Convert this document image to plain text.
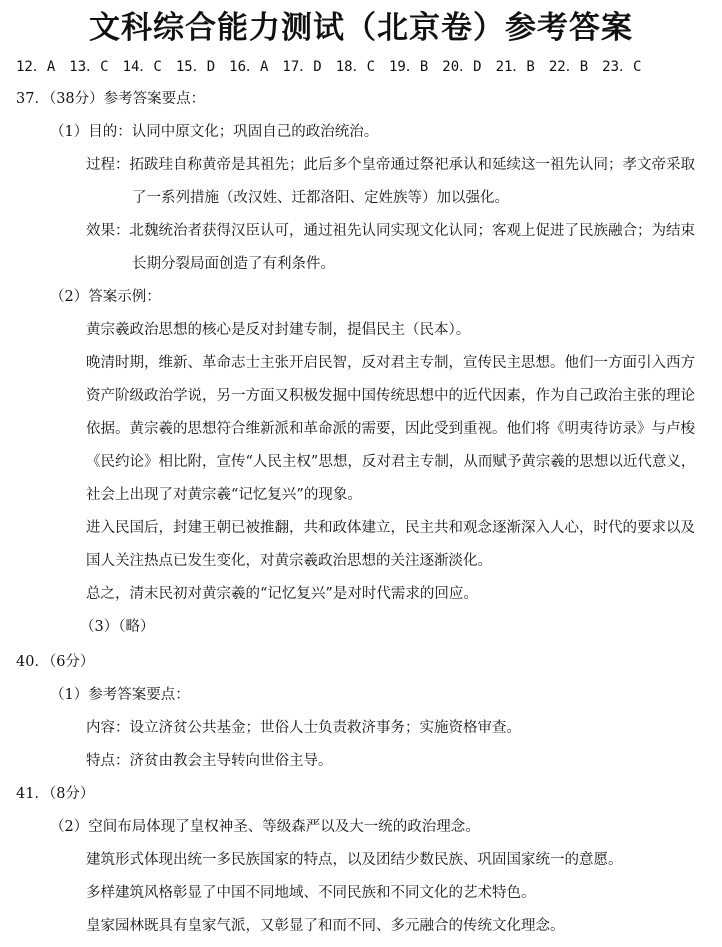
文科综合能力测试（北京卷）参考答案
12．A　13．C　14．C　15．D　16．A　17．D　18．C　19．B　20．D　21．B　22．B　23．C
37．（38分）参考答案要点：
（1）目的：认同中原文化；巩固自己的政治统治。
过程：拓跋珪自称黄帝是其祖先；此后多个皇帝通过祭祀承认和延续这一祖先认同；孝文帝采取
了一系列措施（改汉姓、迁都洛阳、定姓族等）加以强化。
效果：北魏统治者获得汉臣认可，通过祖先认同实现文化认同；客观上促进了民族融合；为结束
长期分裂局面创造了有利条件。
（2）答案示例：
黄宗羲政治思想的核心是反对封建专制，提倡民主（民本）。
晚清时期，维新、革命志士主张开启民智，反对君主专制，宣传民主思想。他们一方面引入西方
资产阶级政治学说，另一方面又积极发掘中国传统思想中的近代因素，作为自己政治主张的理论
依据。黄宗羲的思想符合维新派和革命派的需要，因此受到重视。他们将《明夷待访录》与卢梭
《民约论》相比附，宣传“人民主权”思想，反对君主专制，从而赋予黄宗羲的思想以近代意义，
社会上出现了对黄宗羲“记忆复兴”的现象。
进入民国后，封建王朝已被推翻，共和政体建立，民主共和观念逐渐深入人心，时代的要求以及
国人关注热点已发生变化，对黄宗羲政治思想的关注逐渐淡化。
总之，清末民初对黄宗羲的“记忆复兴”是对时代需求的回应。
（3）（略）
40．（6分）
（1）参考答案要点：
内容：设立济贫公共基金；世俗人士负责救济事务；实施资格审查。
特点：济贫由教会主导转向世俗主导。
41．（8分）
（2）空间布局体现了皇权神圣、等级森严以及大一统的政治理念。
建筑形式体现出统一多民族国家的特点，以及团结少数民族、巩固国家统一的意愿。
多样建筑风格彰显了中国不同地域、不同民族和不同文化的艺术特色。
皇家园林既具有皇家气派，又彰显了和而不同、多元融合的传统文化理念。
